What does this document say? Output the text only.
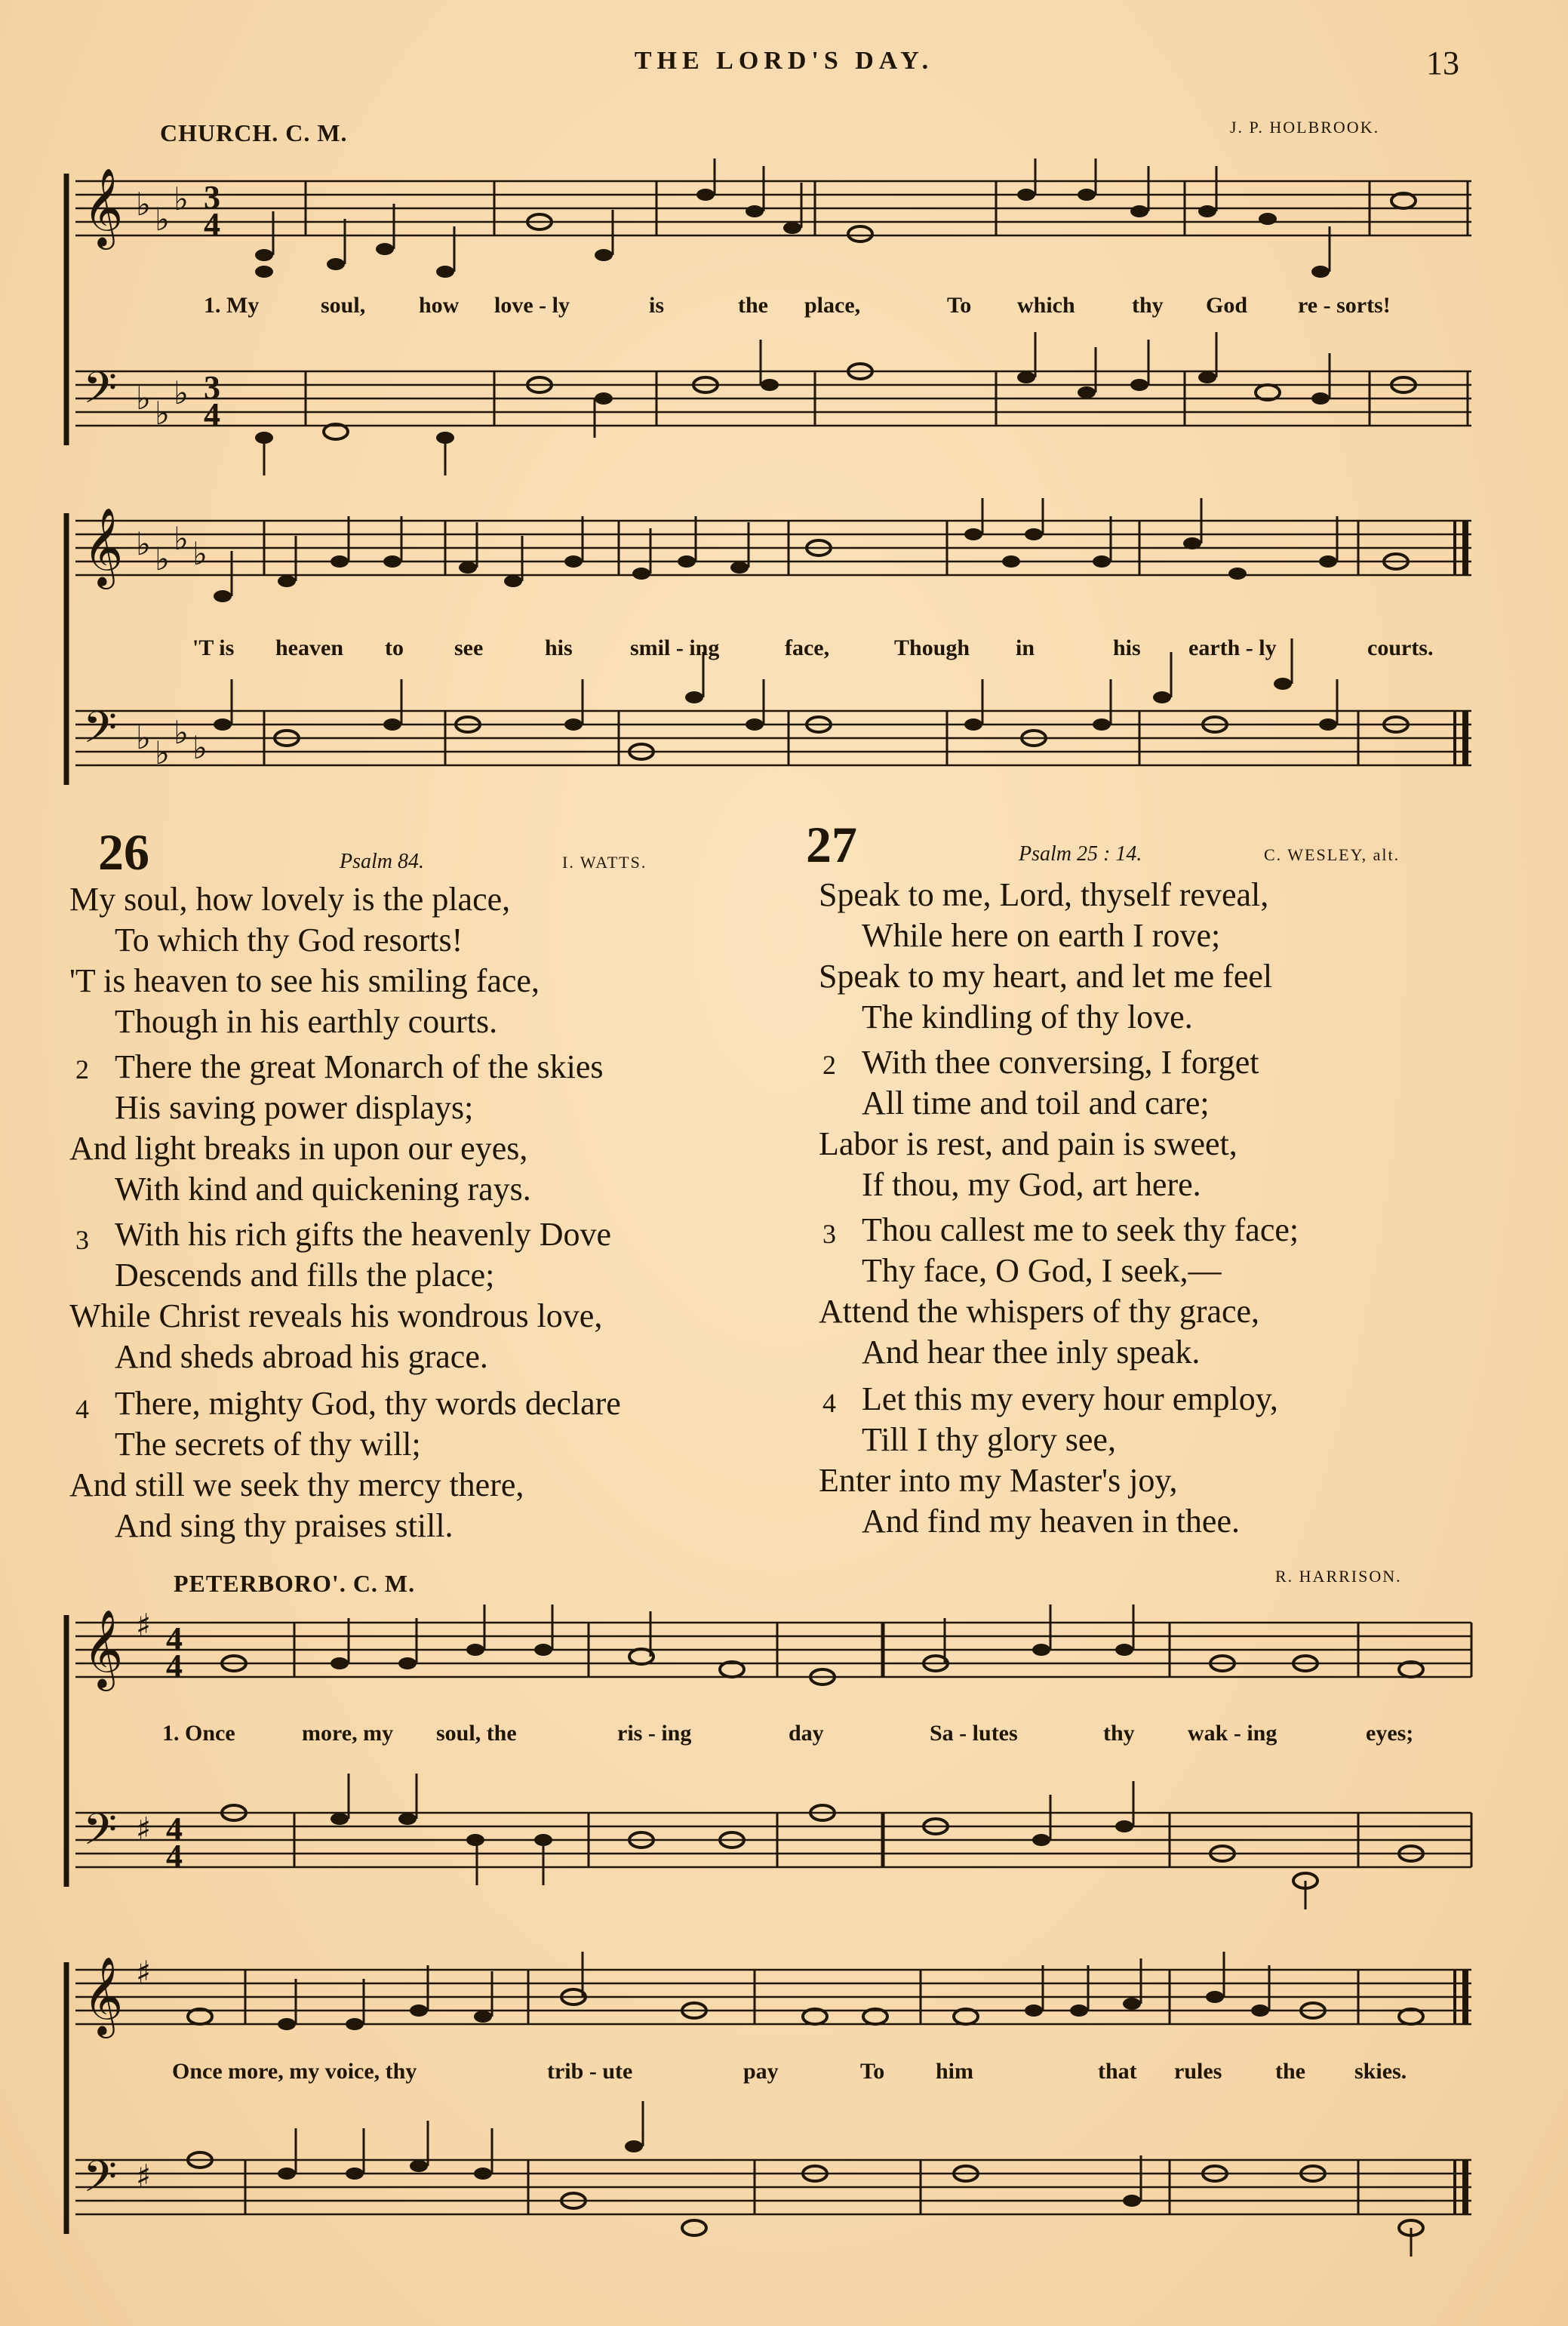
THE LORD'S DAY.	13
CHURCH. C. M.	J. P. HOLBROOK.
𝄞
𝄢
♭ ♭
♭
♭ ♭
♭
3
4
3
4
1. My	soul, how love - ly	is	the place,	To which	thy God re - sorts!
𝄞
𝄢
♭ ♭
♭ ♭
♭ ♭
♭ ♭
'T is heaven to see	his	smil - ing	face,	Though in	his earth - ly	courts.
26	Psalm 84.	I. WATTS.
My soul, how lovely is the place,
To which thy God resorts!
'T is heaven to see his smiling face,
Though in his earthly courts.
2 There the great Monarch of the skies
His saving power displays;
And light breaks in upon our eyes,
With kind and quickening rays.
3 With his rich gifts the heavenly Dove
Descends and fills the place;
While Christ reveals his wondrous love,
And sheds abroad his grace.
4 There, mighty God, thy words declare
The secrets of thy will;
And still we seek thy mercy there,
And sing thy praises still.
27	Psalm 25 : 14.	C. WESLEY, alt.
Speak to me, Lord, thyself reveal,
While here on earth I rove;
Speak to my heart, and let me feel
The kindling of thy love.
2 With thee conversing, I forget
All time and toil and care;
Labor is rest, and pain is sweet,
If thou, my God, art here.
3 Thou callest me to seek thy face;
Thy face, O God, I seek,—
Attend the whispers of thy grace,
And hear thee inly speak.
4 Let this my every hour employ,
Till I thy glory see,
Enter into my Master's joy,
And find my heaven in thee.
PETERBORO'. C. M.	R. HARRISON.
𝄞
𝄢
♯
♯
4
4
4
4
1. Once	more, my soul, the	ris - ing	day	Sa - lutes	thy wak - ing	eyes;
𝄞
𝄢
♯
♯
Once more, my voice, thy	trib - ute	pay	To him	that rules the skies.
